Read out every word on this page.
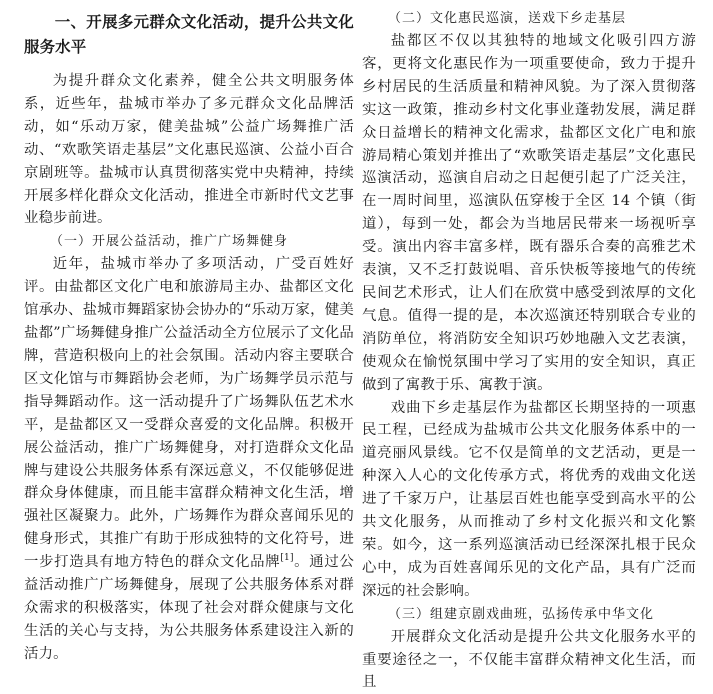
一、开展多元群众文化活动，提升公共文化服务水平

为提升群众文化素养，健全公共文明服务体系，近些年，盐城市举办了多元群众文化品牌活动，如“乐动万家，健美盐城”公益广场舞推广活动、“欢歌笑语走基层”文化惠民巡演、公益小百合京剧班等。盐城市认真贯彻落实党中央精神，持续开展多样化群众文化活动，推进全市新时代文艺事业稳步前进。

（一）开展公益活动，推广广场舞健身

近年，盐城市举办了多项活动，广受百姓好评。由盐都区文化广电和旅游局主办、盐都区文化馆承办、盐城市舞蹈家协会协办的“乐动万家，健美盐都”广场舞健身推广公益活动全方位展示了文化品牌，营造积极向上的社会氛围。活动内容主要联合区文化馆与市舞蹈协会老师，为广场舞学员示范与指导舞蹈动作。这一活动提升了广场舞队伍艺术水平，是盐都区又一受群众喜爱的文化品牌。积极开展公益活动，推广广场舞健身，对打造群众文化品牌与建设公共服务体系有深远意义，不仅能够促进群众身体健康，而且能丰富群众精神文化生活，增强社区凝聚力。此外，广场舞作为群众喜闻乐见的健身形式，其推广有助于形成独特的文化符号，进一步打造具有地方特色的群众文化品牌[1]。通过公益活动推广广场舞健身，展现了公共服务体系对群众需求的积极落实，体现了社会对群众健康与文化生活的关心与支持，为公共服务体系建设注入新的活力。

（二）文化惠民巡演，送戏下乡走基层

盐都区不仅以其独特的地域文化吸引四方游客，更将文化惠民作为一项重要使命，致力于提升乡村居民的生活质量和精神风貌。为了深入贯彻落实这一政策，推动乡村文化事业蓬勃发展，满足群众日益增长的精神文化需求，盐都区文化广电和旅游局精心策划并推出了“欢歌笑语走基层”文化惠民巡演活动，巡演自启动之日起便引起了广泛关注，在一周时间里，巡演队伍穿梭于全区 14 个镇（街道），每到一处，都会为当地居民带来一场视听享受。演出内容丰富多样，既有器乐合奏的高雅艺术表演，又不乏打鼓说唱、音乐快板等接地气的传统民间艺术形式，让人们在欣赏中感受到浓厚的文化气息。值得一提的是，本次巡演还特别联合专业的消防单位，将消防安全知识巧妙地融入文艺表演，使观众在愉悦氛围中学习了实用的安全知识，真正做到了寓教于乐、寓教于演。

戏曲下乡走基层作为盐都区长期坚持的一项惠民工程，已经成为盐城市公共文化服务体系中的一道亮丽风景线。它不仅是简单的文艺活动，更是一种深入人心的文化传承方式，将优秀的戏曲文化送进了千家万户，让基层百姓也能享受到高水平的公共文化服务，从而推动了乡村文化振兴和文化繁荣。如今，这一系列巡演活动已经深深扎根于民众心中，成为百姓喜闻乐见的文化产品，具有广泛而深远的社会影响。

（三）组建京剧戏曲班，弘扬传承中华文化

开展群众文化活动是提升公共文化服务水平的重要途径之一，不仅能丰富群众精神文化生活，而且
